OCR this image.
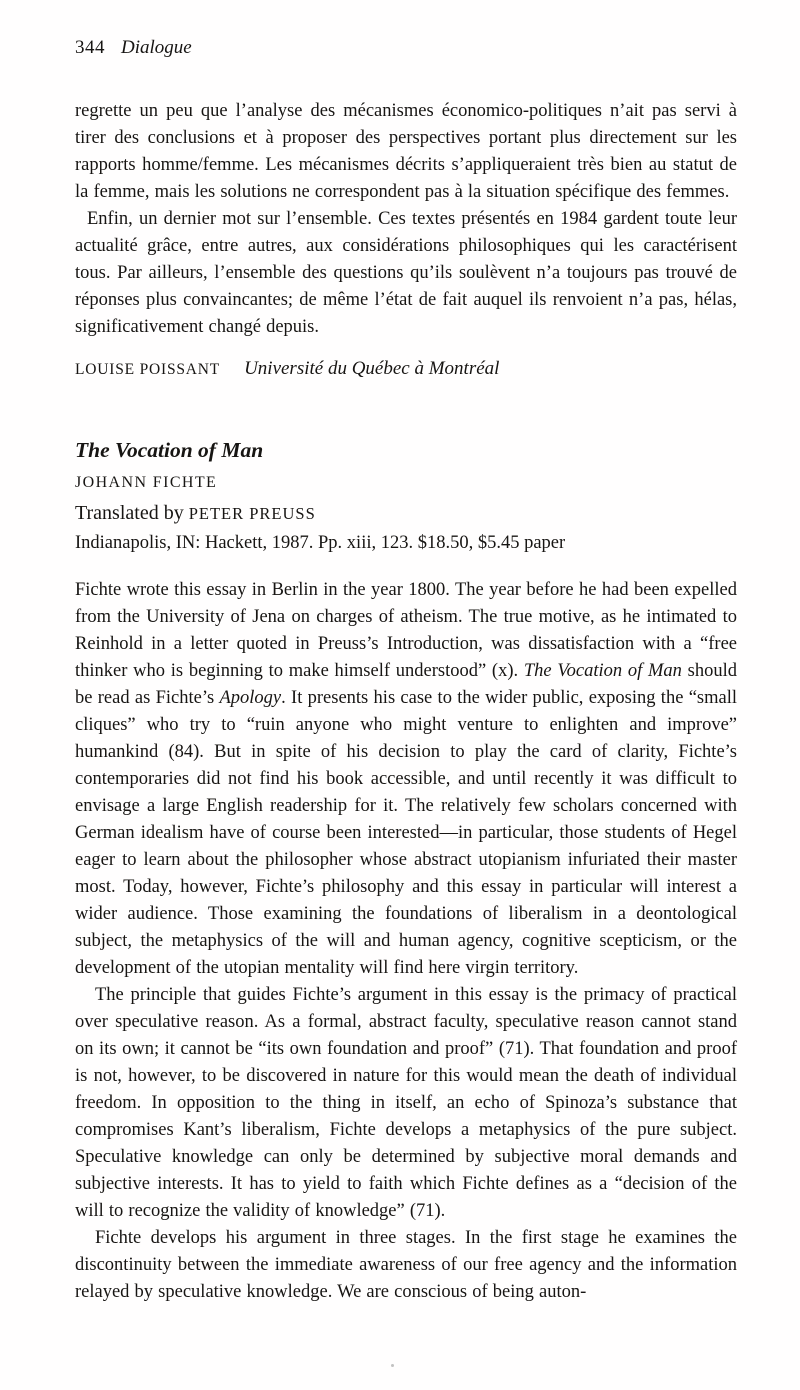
344 Dialogue

regrette un peu que l’analyse des mécanismes économico-politiques n’ait pas servi à tirer des conclusions et à proposer des perspectives portant plus directement sur les rapports homme/femme. Les mécanismes décrits s’appliqueraient très bien au statut de la femme, mais les solutions ne correspondent pas à la situation spécifique des femmes.

Enfin, un dernier mot sur l’ensemble. Ces textes présentés en 1984 gardent toute leur actualité grâce, entre autres, aux considérations philosophiques qui les caractérisent tous. Par ailleurs, l’ensemble des questions qu’ils soulèvent n’a toujours pas trouvé de réponses plus convaincantes; de même l’état de fait auquel ils renvoient n’a pas, hélas, significativement changé depuis.

LOUISE POISSANT Université du Québec à Montréal
The Vocation of Man
JOHANN FICHTE
Translated by PETER PREUSS
Indianapolis, IN: Hackett, 1987. Pp. xiii, 123. $18.50, $5.45 paper

Fichte wrote this essay in Berlin in the year 1800. The year before he had been expelled from the University of Jena on charges of atheism. The true motive, as he intimated to Reinhold in a letter quoted in Preuss’s Introduction, was dissatisfaction with a “free thinker who is beginning to make himself understood” (x). The Vocation of Man should be read as Fichte’s Apology. It presents his case to the wider public, exposing the “small cliques” who try to “ruin anyone who might venture to enlighten and improve” humankind (84). But in spite of his decision to play the card of clarity, Fichte’s contemporaries did not find his book accessible, and until recently it was difficult to envisage a large English readership for it. The relatively few scholars concerned with German idealism have of course been interested—in particular, those students of Hegel eager to learn about the philosopher whose abstract utopianism infuriated their master most. Today, however, Fichte’s philosophy and this essay in particular will interest a wider audience. Those examining the foundations of liberalism in a deontological subject, the metaphysics of the will and human agency, cognitive scepticism, or the development of the utopian mentality will find here virgin territory.

The principle that guides Fichte’s argument in this essay is the primacy of practical over speculative reason. As a formal, abstract faculty, speculative reason cannot stand on its own; it cannot be “its own foundation and proof” (71). That foundation and proof is not, however, to be discovered in nature for this would mean the death of individual freedom. In opposition to the thing in itself, an echo of Spinoza’s substance that compromises Kant’s liberalism, Fichte develops a metaphysics of the pure subject. Speculative knowledge can only be determined by subjective moral demands and subjective interests. It has to yield to faith which Fichte defines as a “decision of the will to recognize the validity of knowledge” (71).

Fichte develops his argument in three stages. In the first stage he examines the discontinuity between the immediate awareness of our free agency and the information relayed by speculative knowledge. We are conscious of being auton-
